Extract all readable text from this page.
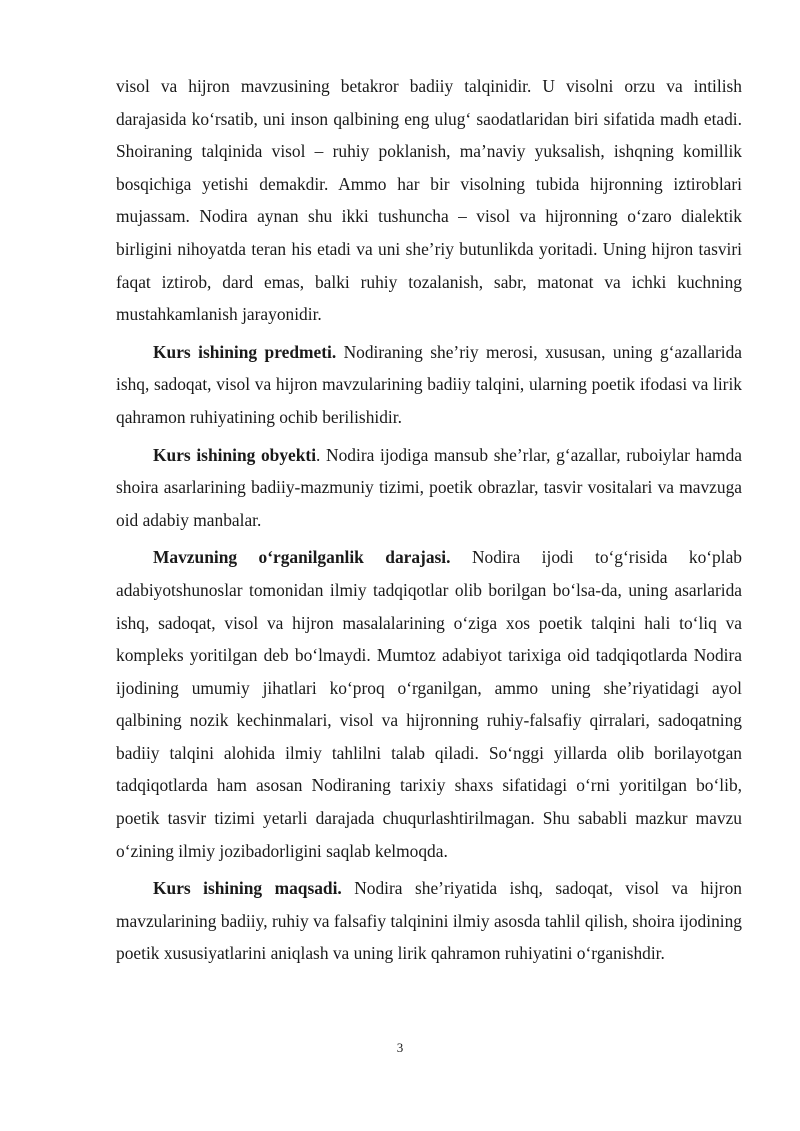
visol va hijron mavzusining betakror badiiy talqinidir. U visolni orzu va intilish darajasida ko‘rsatib, uni inson qalbining eng ulug‘ saodatlaridan biri sifatida madh etadi. Shoiraning talqinida visol – ruhiy poklanish, ma’naviy yuksalish, ishqning komillik bosqichiga yetishi demakdir. Ammo har bir visolning tubida hijronning iztiroblari mujassam. Nodira aynan shu ikki tushuncha – visol va hijronning o‘zaro dialektik birligini nihoyatda teran his etadi va uni she’riy butunlikda yoritadi. Uning hijron tasviri faqat iztirob, dard emas, balki ruhiy tozalanish, sabr, matonat va ichki kuchning mustahkamlanish jarayonidir.

Kurs ishining predmeti. Nodiraning she’riy merosi, xususan, uning g‘azallarida ishq, sadoqat, visol va hijron mavzularining badiiy talqini, ularning poetik ifodasi va lirik qahramon ruhiyatining ochib berilishidir.

Kurs ishining obyekti. Nodira ijodiga mansub she’rlar, g‘azallar, ruboiylar hamda shoira asarlarining badiiy-mazmuniy tizimi, poetik obrazlar, tasvir vositalari va mavzuga oid adabiy manbalar.

Mavzuning o‘rganilganlik darajasi. Nodira ijodi to‘g‘risida ko‘plab adabiyotshunoslar tomonidan ilmiy tadqiqotlar olib borilgan bo‘lsa-da, uning asarlarida ishq, sadoqat, visol va hijron masalalarining o‘ziga xos poetik talqini hali to‘liq va kompleks yoritilgan deb bo‘lmaydi. Mumtoz adabiyot tarixiga oid tadqiqotlarda Nodira ijodining umumiy jihatlari ko‘proq o‘rganilgan, ammo uning she’riyatidagi ayol qalbining nozik kechinmalari, visol va hijronning ruhiy-falsafiy qirralari, sadoqatning badiiy talqini alohida ilmiy tahlilni talab qiladi. So‘nggi yillarda olib borilayotgan tadqiqotlarda ham asosan Nodiraning tarixiy shaxs sifatidagi o‘rni yoritilgan bo‘lib, poetik tasvir tizimi yetarli darajada chuqurlashtirilmagan. Shu sababli mazkur mavzu o‘zining ilmiy jozibadorligini saqlab kelmoqda.

Kurs ishining maqsadi. Nodira she’riyatida ishq, sadoqat, visol va hijron mavzularining badiiy, ruhiy va falsafiy talqinini ilmiy asosda tahlil qilish, shoira ijodining poetik xususiyatlarini aniqlash va uning lirik qahramon ruhiyatini o‘rganishdir.

3
